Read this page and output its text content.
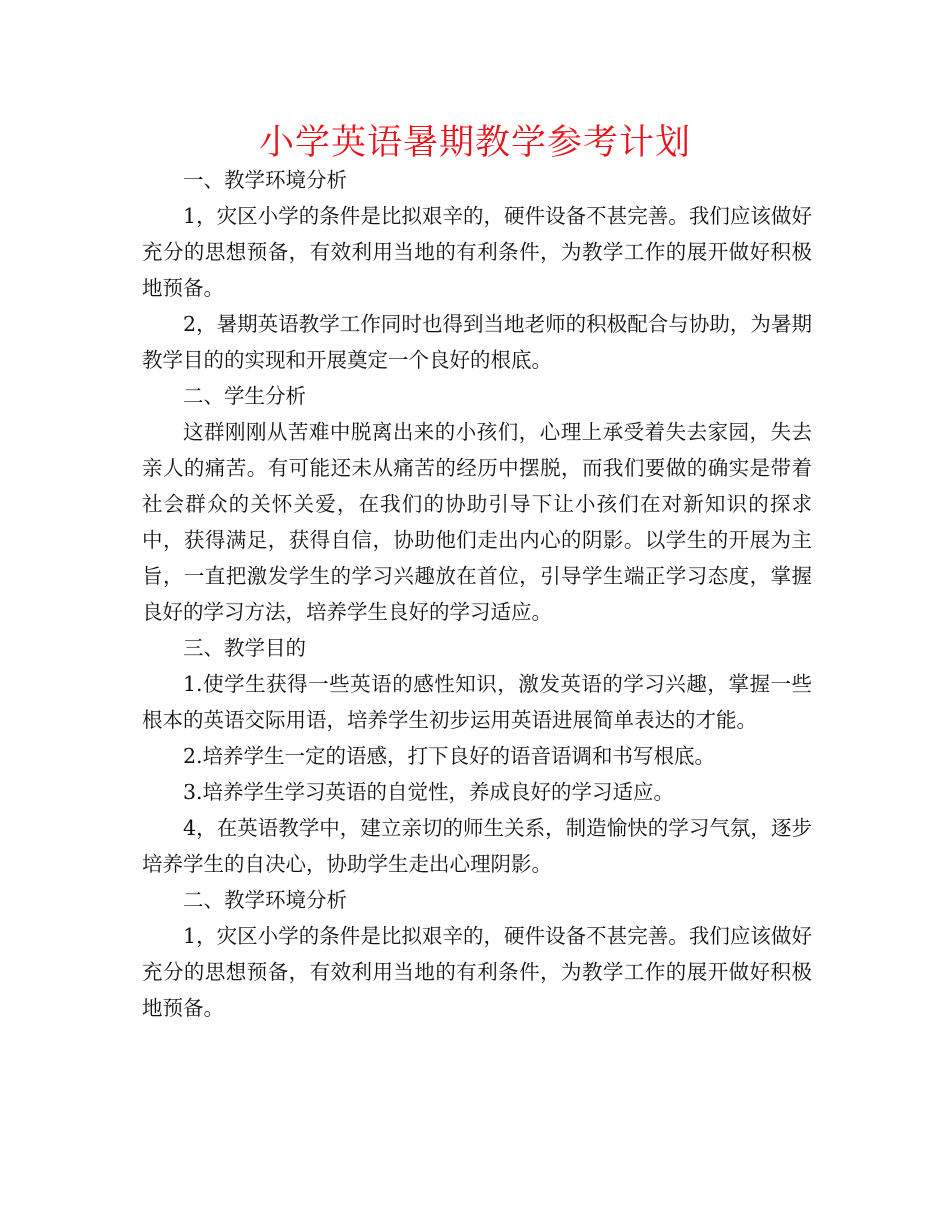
小学英语暑期教学参考计划

一、教学环境分析

1，灾区小学的条件是比拟艰辛的，硬件设备不甚完善。我们应该做好充分的思想预备，有效利用当地的有利条件，为教学工作的展开做好积极地预备。

2，暑期英语教学工作同时也得到当地老师的积极配合与协助，为暑期教学目的的实现和开展奠定一个良好的根底。

二、学生分析

这群刚刚从苦难中脱离出来的小孩们，心理上承受着失去家园，失去亲人的痛苦。有可能还未从痛苦的经历中摆脱，而我们要做的确实是带着社会群众的关怀关爱，在我们的协助引导下让小孩们在对新知识的探求中，获得满足，获得自信，协助他们走出内心的阴影。以学生的开展为主旨，一直把激发学生的学习兴趣放在首位，引导学生端正学习态度，掌握良好的学习方法，培养学生良好的学习适应。

三、教学目的

1.使学生获得一些英语的感性知识，激发英语的学习兴趣，掌握一些根本的英语交际用语，培养学生初步运用英语进展简单表达的才能。

2.培养学生一定的语感，打下良好的语音语调和书写根底。

3.培养学生学习英语的自觉性，养成良好的学习适应。

4，在英语教学中，建立亲切的师生关系，制造愉快的学习气氛，逐步培养学生的自决心，协助学生走出心理阴影。

二、教学环境分析

1，灾区小学的条件是比拟艰辛的，硬件设备不甚完善。我们应该做好充分的思想预备，有效利用当地的有利条件，为教学工作的展开做好积极地预备。
